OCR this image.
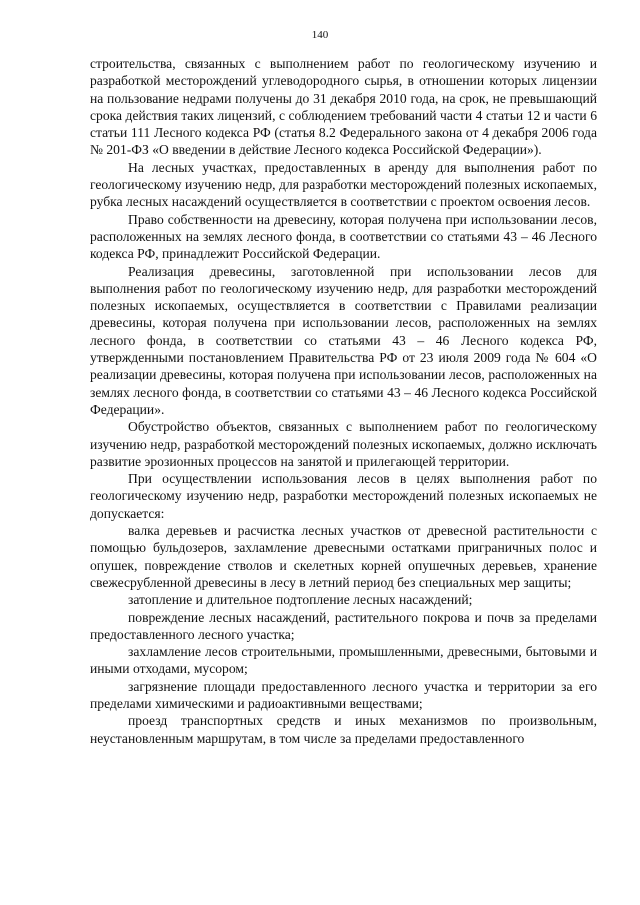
140

строительства, связанных с выполнением работ по геологическому изучению и разработкой месторождений углеводородного сырья, в отношении которых лицензии на пользование недрами получены до 31 декабря 2010 года, на срок, не превышающий срока действия таких лицензий, с соблюдением требований части 4 статьи 12 и части 6 статьи 111 Лесного кодекса РФ (статья 8.2 Федерального закона от 4 декабря 2006 года № 201-ФЗ «О введении в действие Лесного кодекса Российской Федерации»).

На лесных участках, предоставленных в аренду для выполнения работ по геологическому изучению недр, для разработки месторождений полезных ископаемых, рубка лесных насаждений осуществляется в соответствии с проектом освоения лесов.

Право собственности на древесину, которая получена при использовании лесов, расположенных на землях лесного фонда, в соответствии со статьями 43 – 46 Лесного кодекса РФ, принадлежит Российской Федерации.

Реализация древесины, заготовленной при использовании лесов для выполнения работ по геологическому изучению недр, для разработки месторождений полезных ископаемых, осуществляется в соответствии с Правилами реализации древесины, которая получена при использовании лесов, расположенных на землях лесного фонда, в соответствии со статьями 43 – 46 Лесного кодекса РФ, утвержденными постановлением Правительства РФ от 23 июля 2009 года № 604 «О реализации древесины, которая получена при использовании лесов, расположенных на землях лесного фонда, в соответствии со статьями 43 – 46 Лесного кодекса Российской Федерации».

Обустройство объектов, связанных с выполнением работ по геологическому изучению недр, разработкой месторождений полезных ископаемых, должно исключать развитие эрозионных процессов на занятой и прилегающей территории.

При осуществлении использования лесов в целях выполнения работ по геологическому изучению недр, разработки месторождений полезных ископаемых не допускается:

валка деревьев и расчистка лесных участков от древесной растительности с помощью бульдозеров, захламление древесными остатками приграничных полос и опушек, повреждение стволов и скелетных корней опушечных деревьев, хранение свежесрубленной древесины в лесу в летний период без специальных мер защиты;

затопление и длительное подтопление лесных насаждений;

повреждение лесных насаждений, растительного покрова и почв за пределами предоставленного лесного участка;

захламление лесов строительными, промышленными, древесными, бытовыми и иными отходами, мусором;

загрязнение площади предоставленного лесного участка и территории за его пределами химическими и радиоактивными веществами;

проезд транспортных средств и иных механизмов по произвольным, неустановленным маршрутам, в том числе за пределами предоставленного
